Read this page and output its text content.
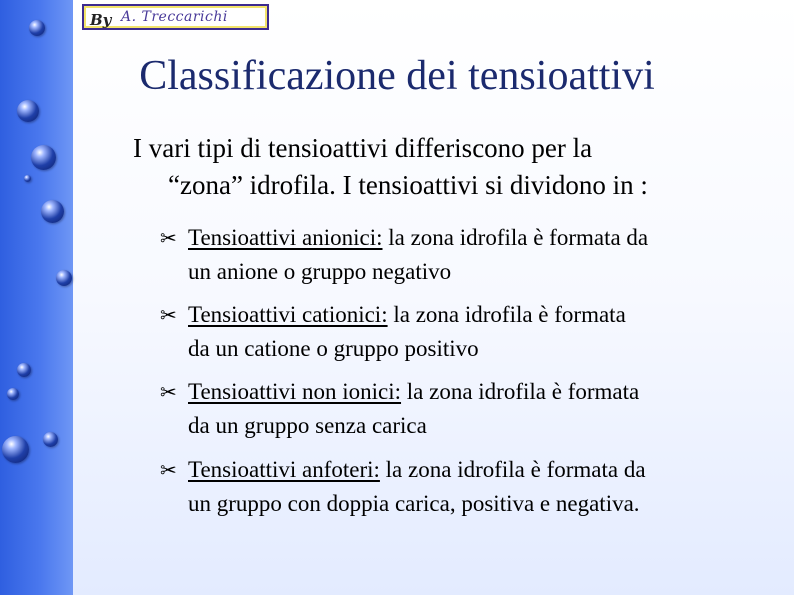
By A. Treccarichi
Classificazione dei tensioattivi

I vari tipi di tensioattivi differiscono per la
“zona” idrofila. I tensioattivi si dividono in :

✂ Tensioattivi anionici: la zona idrofila è formata da
un anione o gruppo negativo
✂ Tensioattivi cationici: la zona idrofila è formata
da un catione o gruppo positivo
✂ Tensioattivi non ionici: la zona idrofila è formata
da un gruppo senza carica
✂ Tensioattivi anfoteri: la zona idrofila è formata da
un gruppo con doppia carica, positiva e negativa.
